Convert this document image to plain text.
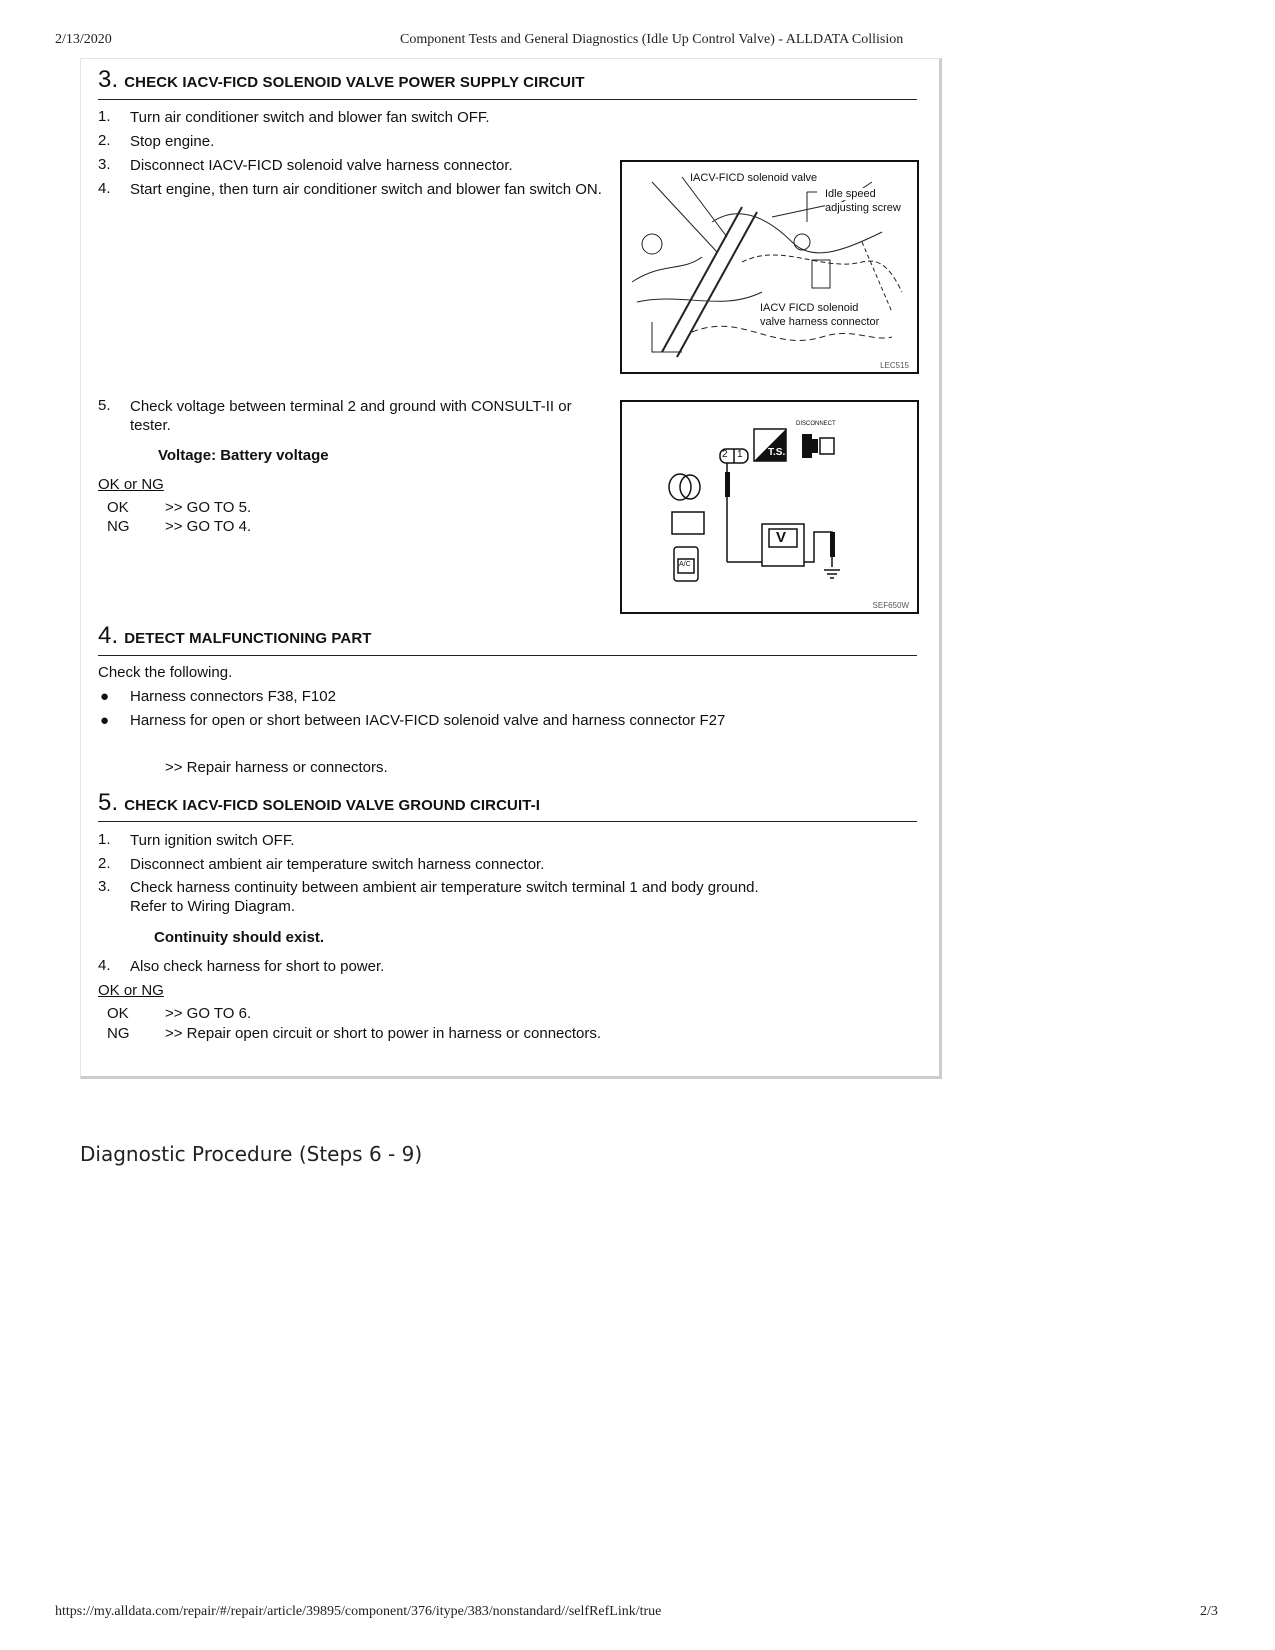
2/13/2020	Component Tests and General Diagnostics (Idle Up Control Valve) - ALLDATA Collision
3. CHECK IACV-FICD SOLENOID VALVE POWER SUPPLY CIRCUIT
1. Turn air conditioner switch and blower fan switch OFF.
2. Stop engine.
3. Disconnect IACV-FICD solenoid valve harness connector.
4. Start engine, then turn air conditioner switch and blower fan switch ON.
5. Check voltage between terminal 2 and ground with CONSULT-II or tester.
Voltage: Battery voltage
OK or NG
OK >> GO TO 5.
NG >> GO TO 4.
IACV-FICD solenoid valve
Idle speed
adjusting screw
IACV FICD solenoid
valve harness connector
LEC515
2 1	T.S.
DISCONNECT
V
A/C
SEF650W
4. DETECT MALFUNCTIONING PART
Check the following.
● Harness connectors F38, F102
● Harness for open or short between IACV-FICD solenoid valve and harness connector F27
>> Repair harness or connectors.
5. CHECK IACV-FICD SOLENOID VALVE GROUND CIRCUIT-I
1. Turn ignition switch OFF.
2. Disconnect ambient air temperature switch harness connector.
3. Check harness continuity between ambient air temperature switch terminal 1 and body ground.
Refer to Wiring Diagram.
Continuity should exist.
4. Also check harness for short to power.
OK or NG
OK >> GO TO 6.
NG >> Repair open circuit or short to power in harness or connectors.
Diagnostic Procedure (Steps 6 - 9)
https://my.alldata.com/repair/#/repair/article/39895/component/376/itype/383/nonstandard//selfRefLink/true	2/3
